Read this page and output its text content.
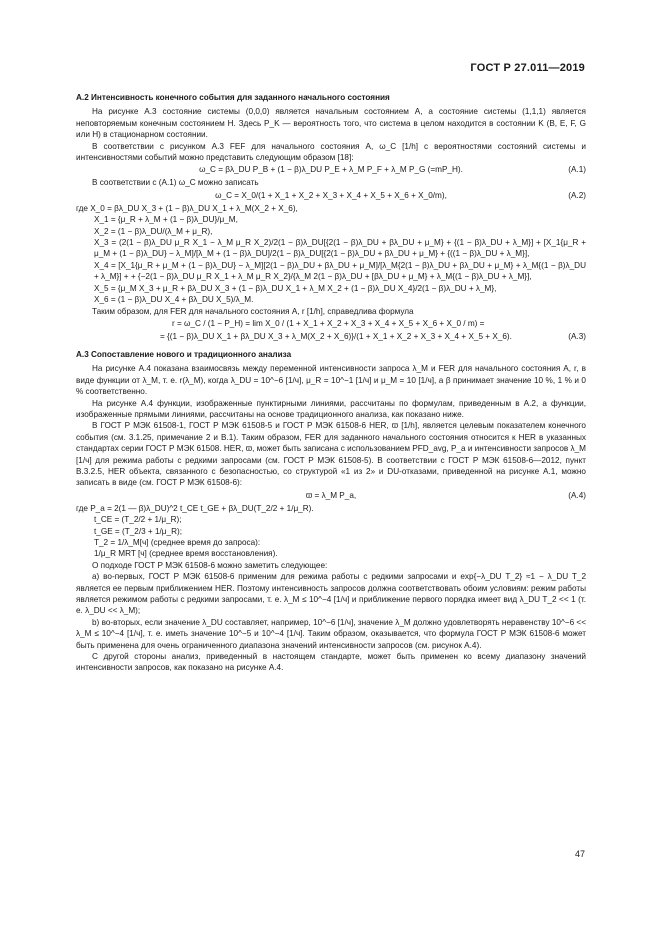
ГОСТ Р 27.011—2019

A.2 Интенсивность конечного события для заданного начального состояния

На рисунке А.3 состояние системы (0,0,0) является начальным состоянием А, а состояние системы (1,1,1) является неповторяемым конечным состоянием Н. Здесь P_K — вероятность того, что система в целом находится в состоянии K (B, E, F, G или H) в стационарном состоянии.

В соответствии с рисунком А.3 FEF для начального состояния A, ω_C [1/h] с вероятностями состояний системы и интенсивностями событий можно представить следующим образом [18]:

ω_C = βλ_DU P_B + (1 − β)λ_DU P_E + λ_M P_F + λ_M P_G (=mP_H).	(A.1)

В соответствии с (А.1) ω_C можно записать

ω_C = X_0/(1 + X_1 + X_2 + X_3 + X_4 + X_5 + X_6 + X_0/m),	(A.2)

где X_0 = βλ_DU X_3 + (1 − β)λ_DU X_1 + λ_M(X_2 + X_6),

X_1 = {μ_R + λ_M + (1 − β)λ_DU}/μ_M,

X_2 = (1 − β)λ_DU/(λ_M + μ_R),

X_3 = (2(1 − β)λ_DU μ_R X_1 − λ_M μ_R X_2)/2(1 − β)λ_DU[{2(1 − β)λ_DU + βλ_DU + μ_M} + {(1 − β)λ_DU + λ_M}] + [X_1{μ_R + μ_M + (1 − β)λ_DU} − λ_M]/[λ_M + (1 − β)λ_DU]/2(1 − β)λ_DU[{2(1 − β)λ_DU + βλ_DU + μ_M} + {((1 − β)λ_DU + λ_M}],

X_4 = [X_1{μ_R + μ_M + (1 − β)λ_DU} − λ_M][2(1 − β)λ_DU + βλ_DU + μ_M]/[λ_M{2(1 − β)λ_DU + βλ_DU + μ_M} + λ_M{(1 − β)λ_DU + λ_M}] + + {−2(1 − β)λ_DU μ_R X_1 + λ_M μ_R X_2}/{λ_M 2(1 − β)λ_DU + [βλ_DU + μ_M} + λ_M{(1 − β)λ_DU + λ_M}],

X_5 = {μ_M X_3 + μ_R + βλ_DU X_3 + (1 − β)λ_DU X_1 + λ_M X_2 + (1 − β)λ_DU X_4}/2(1 − β)λ_DU + λ_M},

X_6 = (1 − β)λ_DU X_4 + βλ_DU X_5)/λ_M.

Таким образом, для FER для начального состояния А, r [1/h], справедлива формула

r = ω_C / (1 − P_H) = lim X_0 / (1 + X_1 + X_2 + X_3 + X_4 + X_5 + X_6 + X_0 / m) =
= {(1 − β)λ_DU X_1 + βλ_DU X_3 + λ_M(X_2 + X_6)}/(1 + X_1 + X_2 + X_3 + X_4 + X_5 + X_6).	(A.3)

А.3 Сопоставление нового и традиционного анализа

На рисунке А.4 показана взаимосвязь между переменной интенсивности запроса λ_M и FER для начального состояния А, r, в виде функции от λ_M, т. е. r(λ_M), когда λ_DU = 10^−6 [1/ч], μ_R = 10^−1 [1/ч] и μ_M = 10 [1/ч], а β принимает значение 10 %, 1 % и 0 % соответственно.

На рисунке А.4 функции, изображенные пунктирными линиями, рассчитаны по формулам, приведенным в А.2, а функции, изображенные прямыми линиями, рассчитаны на основе традиционного анализа, как показано ниже.

В ГОСТ Р МЭК 61508-1, ГОСТ Р МЭК 61508-5 и ГОСТ Р МЭК 61508-6 HER, ϖ [1/h], является целевым показателем конечного события (см. 3.1.25, примечание 2 и В.1). Таким образом, FER для заданного начального состояния относится к HER в указанных стандартах серии ГОСТ Р МЭК 61508. HER, ϖ, может быть записана с использованием PFD_avg, P_a и интенсивности запросов λ_M [1/ч] для режима работы с редкими запросами (см. ГОСТ Р МЭК 61508-5). В соответствии с ГОСТ Р МЭК 61508-6—2012, пункт В.3.2.5, HER объекта, связанного с безопасностью, со структурой «1 из 2» и DU-отказами, приведенной на рисунке А.1, можно записать в виде (см. ГОСТ Р МЭК 61508-6):

ϖ = λ_M P_a,	(A.4)

где P_a = 2(1 — β)λ_DU)^2 t_CE t_GE + βλ_DU(T_2/2 + 1/μ_R).

t_CE = (T_2/2 + 1/μ_R);

t_GE = (T_2/3 + 1/μ_R);

T_2 = 1/λ_M[ч] (среднее время до запроса):

1/μ_R MRT [ч] (среднее время восстановления).

О подходе ГОСТ Р МЭК 61508-6 можно заметить следующее:

а) во-первых, ГОСТ Р МЭК 61508-6 применим для режима работы с редкими запросами и exp{−λ_DU T_2} ≈1 − λ_DU T_2 является ее первым приближением HER. Поэтому интенсивность запросов должна соответствовать обоим условиям: режим работы является режимом работы с редкими запросами, т. е. λ_M ≤ 10^−4 [1/ч] и приближение первого порядка имеет вид λ_DU T_2 << 1 (т. е. λ_DU << λ_M);

b) во-вторых, если значение λ_DU составляет, например, 10^−6 [1/ч], значение λ_M должно удовлетворять неравенству 10^−6 << λ_M ≤ 10^−4 [1/ч], т. е. иметь значение 10^−5 и 10^−4 [1/ч]. Таким образом, оказывается, что формула ГОСТ Р МЭК 61508-6 может быть применена для очень ограниченного диапазона значений интенсивности запросов (см. рисунок А.4).

С другой стороны анализ, приведенный в настоящем стандарте, может быть применен ко всему диапазону значений интенсивности запросов, как показано на рисунке А.4.

47
